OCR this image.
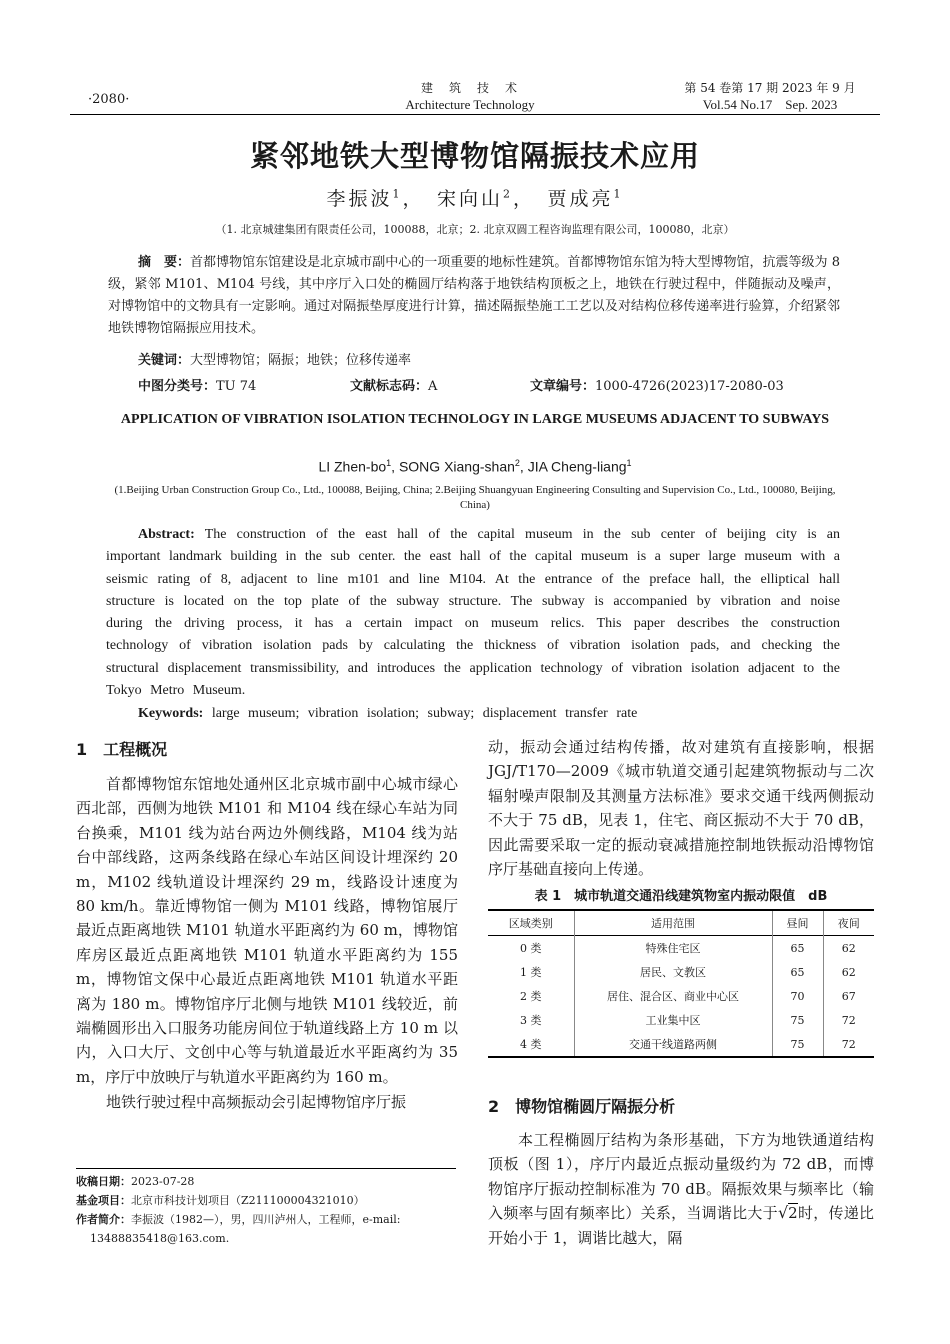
·2080·
建　筑　技　术
Architecture Technology
第 54 卷第 17 期 2023 年 9 月
Vol.54 No.17　Sep. 2023
紧邻地铁大型博物馆隔振技术应用
李振波$^1$，　宋向山$^2$，　贾成亮$^1$
（1. 北京城建集团有限责任公司，100088，北京；2. 北京双圆工程咨询监理有限公司，100080，北京）
摘　要：首都博物馆东馆建设是北京城市副中心的一项重要的地标性建筑。首都博物馆东馆为特大型博物馆，抗震等级为 8 级，紧邻 M101、M104 号线，其中序厅入口处的椭圆厅结构落于地铁结构顶板之上，地铁在行驶过程中，伴随振动及噪声，对博物馆中的文物具有一定影响。通过对隔振垫厚度进行计算，描述隔振垫施工工艺以及对结构位移传递率进行验算，介绍紧邻地铁博物馆隔振应用技术。
关键词：大型博物馆；隔振；地铁；位移传递率
中图分类号：TU 74	文献标志码：A	文章编号：1000-4726(2023)17-2080-03
APPLICATION OF VIBRATION ISOLATION TECHNOLOGY IN LARGE MUSEUMS ADJACENT TO SUBWAYS
LI Zhen-$bo^1$, SONG Xiang-shan$^2$, JIA Cheng-liang$^1$
(1.Beijing Urban Construction Group Co., Ltd., 100088, Beijing, China; 2.Beijing Shuangyuan Engineering Consulting and Supervision Co., Ltd., 100080, Beijing, China)
Abstract: The construction of the east hall of the capital museum in the sub center of beijing city is an important landmark building in the sub center. the east hall of the capital museum is a super large museum with a seismic rating of 8, adjacent to line m101 and line M104. At the entrance of the preface hall, the elliptical hall structure is located on the top plate of the subway structure. The subway is accompanied by vibration and noise during the driving process, it has a certain impact on museum relics. This paper describes the construction technology of vibration isolation pads by calculating the thickness of vibration isolation pads, and checking the structural displacement transmissibility, and introduces the application technology of vibration isolation adjacent to the Tokyo Metro Museum.
Keywords: large museum; vibration isolation; subway; displacement transfer rate
1　工程概况

首都博物馆东馆地处通州区北京城市副中心城市绿心西北部，西侧为地铁 M101 和 M104 线在绿心车站为同台换乘，M101 线为站台两边外侧线路，M104 线为站台中部线路，这两条线路在绿心车站区间设计埋深约 20 m，M102 线轨道设计埋深约 29 m，线路设计速度为 80 km/h。靠近博物馆一侧为 M101 线路，博物馆展厅最近点距离地铁 M101 轨道水平距离约为 60 m，博物馆库房区最近点距离地铁 M101 轨道水平距离约为 155 m，博物馆文保中心最近点距离地铁 M101 轨道水平距离为 180 m。博物馆序厅北侧与地铁 M101 线较近，前端椭圆形出入口服务功能房间位于轨道线路上方 10 m 以内，入口大厅、文创中心等与轨道最近水平距离约为 35 m，序厅中放映厅与轨道水平距离约为 160 m。

地铁行驶过程中高频振动会引起博物馆序厅振

收稿日期：2023-07-28
基金项目：北京市科技计划项目（Z211100004321010）
作者简介：李振波（1982—），男，四川泸州人，工程师，e-mail:
13488835418@163.com.
动，振动会通过结构传播，故对建筑有直接影响，根据 JGJ/T170—2009《城市轨道交通引起建筑物振动与二次辐射噪声限制及其测量方法标准》要求交通干线两侧振动不大于 75 dB，见表 1，住宅、商区振动不大于 70 dB，因此需要采取一定的振动衰减措施控制地铁振动沿博物馆序厅基础直接向上传递。
表 1　城市轨道交通沿线建筑物室内振动限值　dB
区域类别	适用范围	昼间	夜间
0 类	特殊住宅区	65	62
1 类	居民、文教区	65	62
2 类	居住、混合区、商业中心区	70	67
3 类	工业集中区	75	72
4 类	交通干线道路两侧	75	72
2　博物馆椭圆厅隔振分析

本工程椭圆厅结构为条形基础，下方为地铁通道结构顶板（图 1），序厅内最近点振动量级约为 72 dB，而博物馆序厅振动控制标准为 70 dB。隔振效果与频率比（输入频率与固有频率比）关系，当调谐比大于√2时，传递比开始小于 1，调谐比越大，隔
